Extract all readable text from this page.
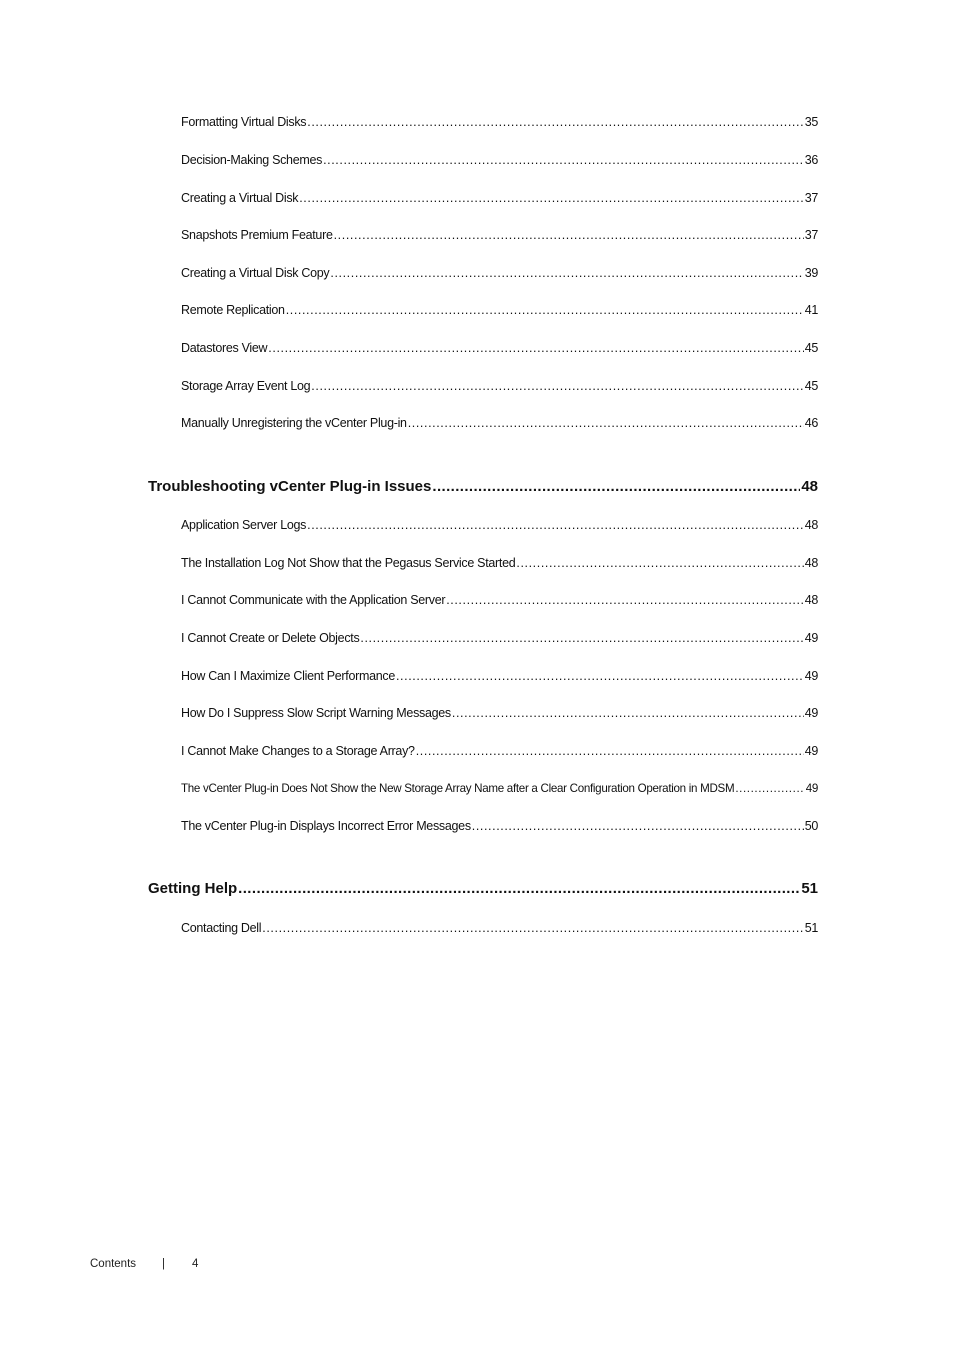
Formatting Virtual Disks .....	35
Decision-Making Schemes .....	36
Creating a Virtual Disk .....	37
Snapshots Premium Feature .....	37
Creating a Virtual Disk Copy .....	39
Remote Replication .....	41
Datastores View .....	45
Storage Array Event Log .....	45
Manually Unregistering the vCenter Plug-in .....	46
Troubleshooting vCenter Plug-in Issues .....	48
Application Server Logs .....	48
The Installation Log Not Show that the Pegasus Service Started .....	48
I Cannot Communicate with the Application Server .....	48
I Cannot Create or Delete Objects .....	49
How Can I Maximize Client Performance .....	49
How Do I Suppress Slow Script Warning Messages .....	49
I Cannot Make Changes to a Storage Array? .....	49
The vCenter Plug-in Does Not Show the New Storage Array Name after a Clear Configuration Operation in MDSM .....	49
The vCenter Plug-in Displays Incorrect Error Messages .....	50
Getting Help .....	51
Contacting Dell .....	51
Contents	|	4
